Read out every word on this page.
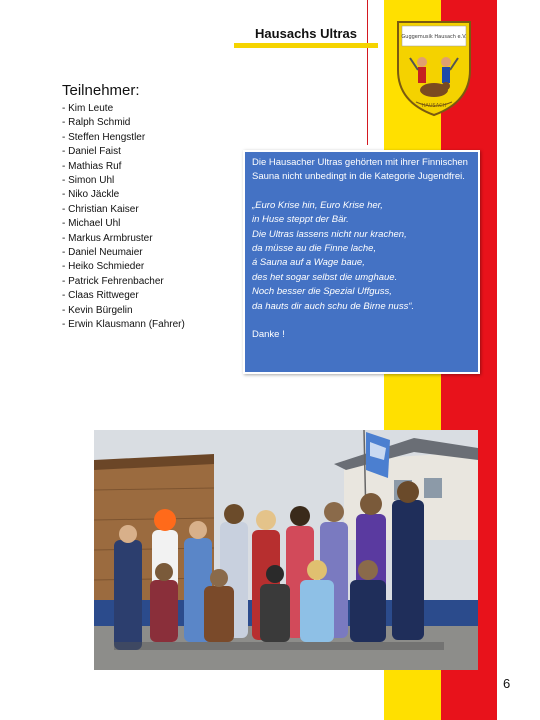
Hausachs Ultras	Guggemusik Hausach e.V.
HAUSACH
Teilnehmer:
- Kim Leute
- Ralph Schmid
- Steffen Hengstler
- Daniel Faist
- Mathias Ruf
- Simon Uhl
- Niko Jäckle
- Christian Kaiser
- Michael Uhl
- Markus Armbruster
- Daniel Neumaier
- Heiko Schmieder
- Patrick Fehrenbacher
- Claas Rittweger
- Kevin Bürgelin
- Erwin Klausmann (Fahrer)

Die Hausacher Ultras gehörten mit ihrer Finnischen Sauna nicht unbedingt in die Kategorie Jugendfrei.

„Euro Krise hin, Euro Krise her,
in Huse steppt der Bär.
Die Ultras lassens nicht nur krachen,
da müsse au die Finne lache,
á Sauna auf a Wage baue,
des het sogar selbst die umghaue.
Noch besser die Spezial Uffguss,
da hauts dir auch schu de Birne nuss“.

Danke !

6
